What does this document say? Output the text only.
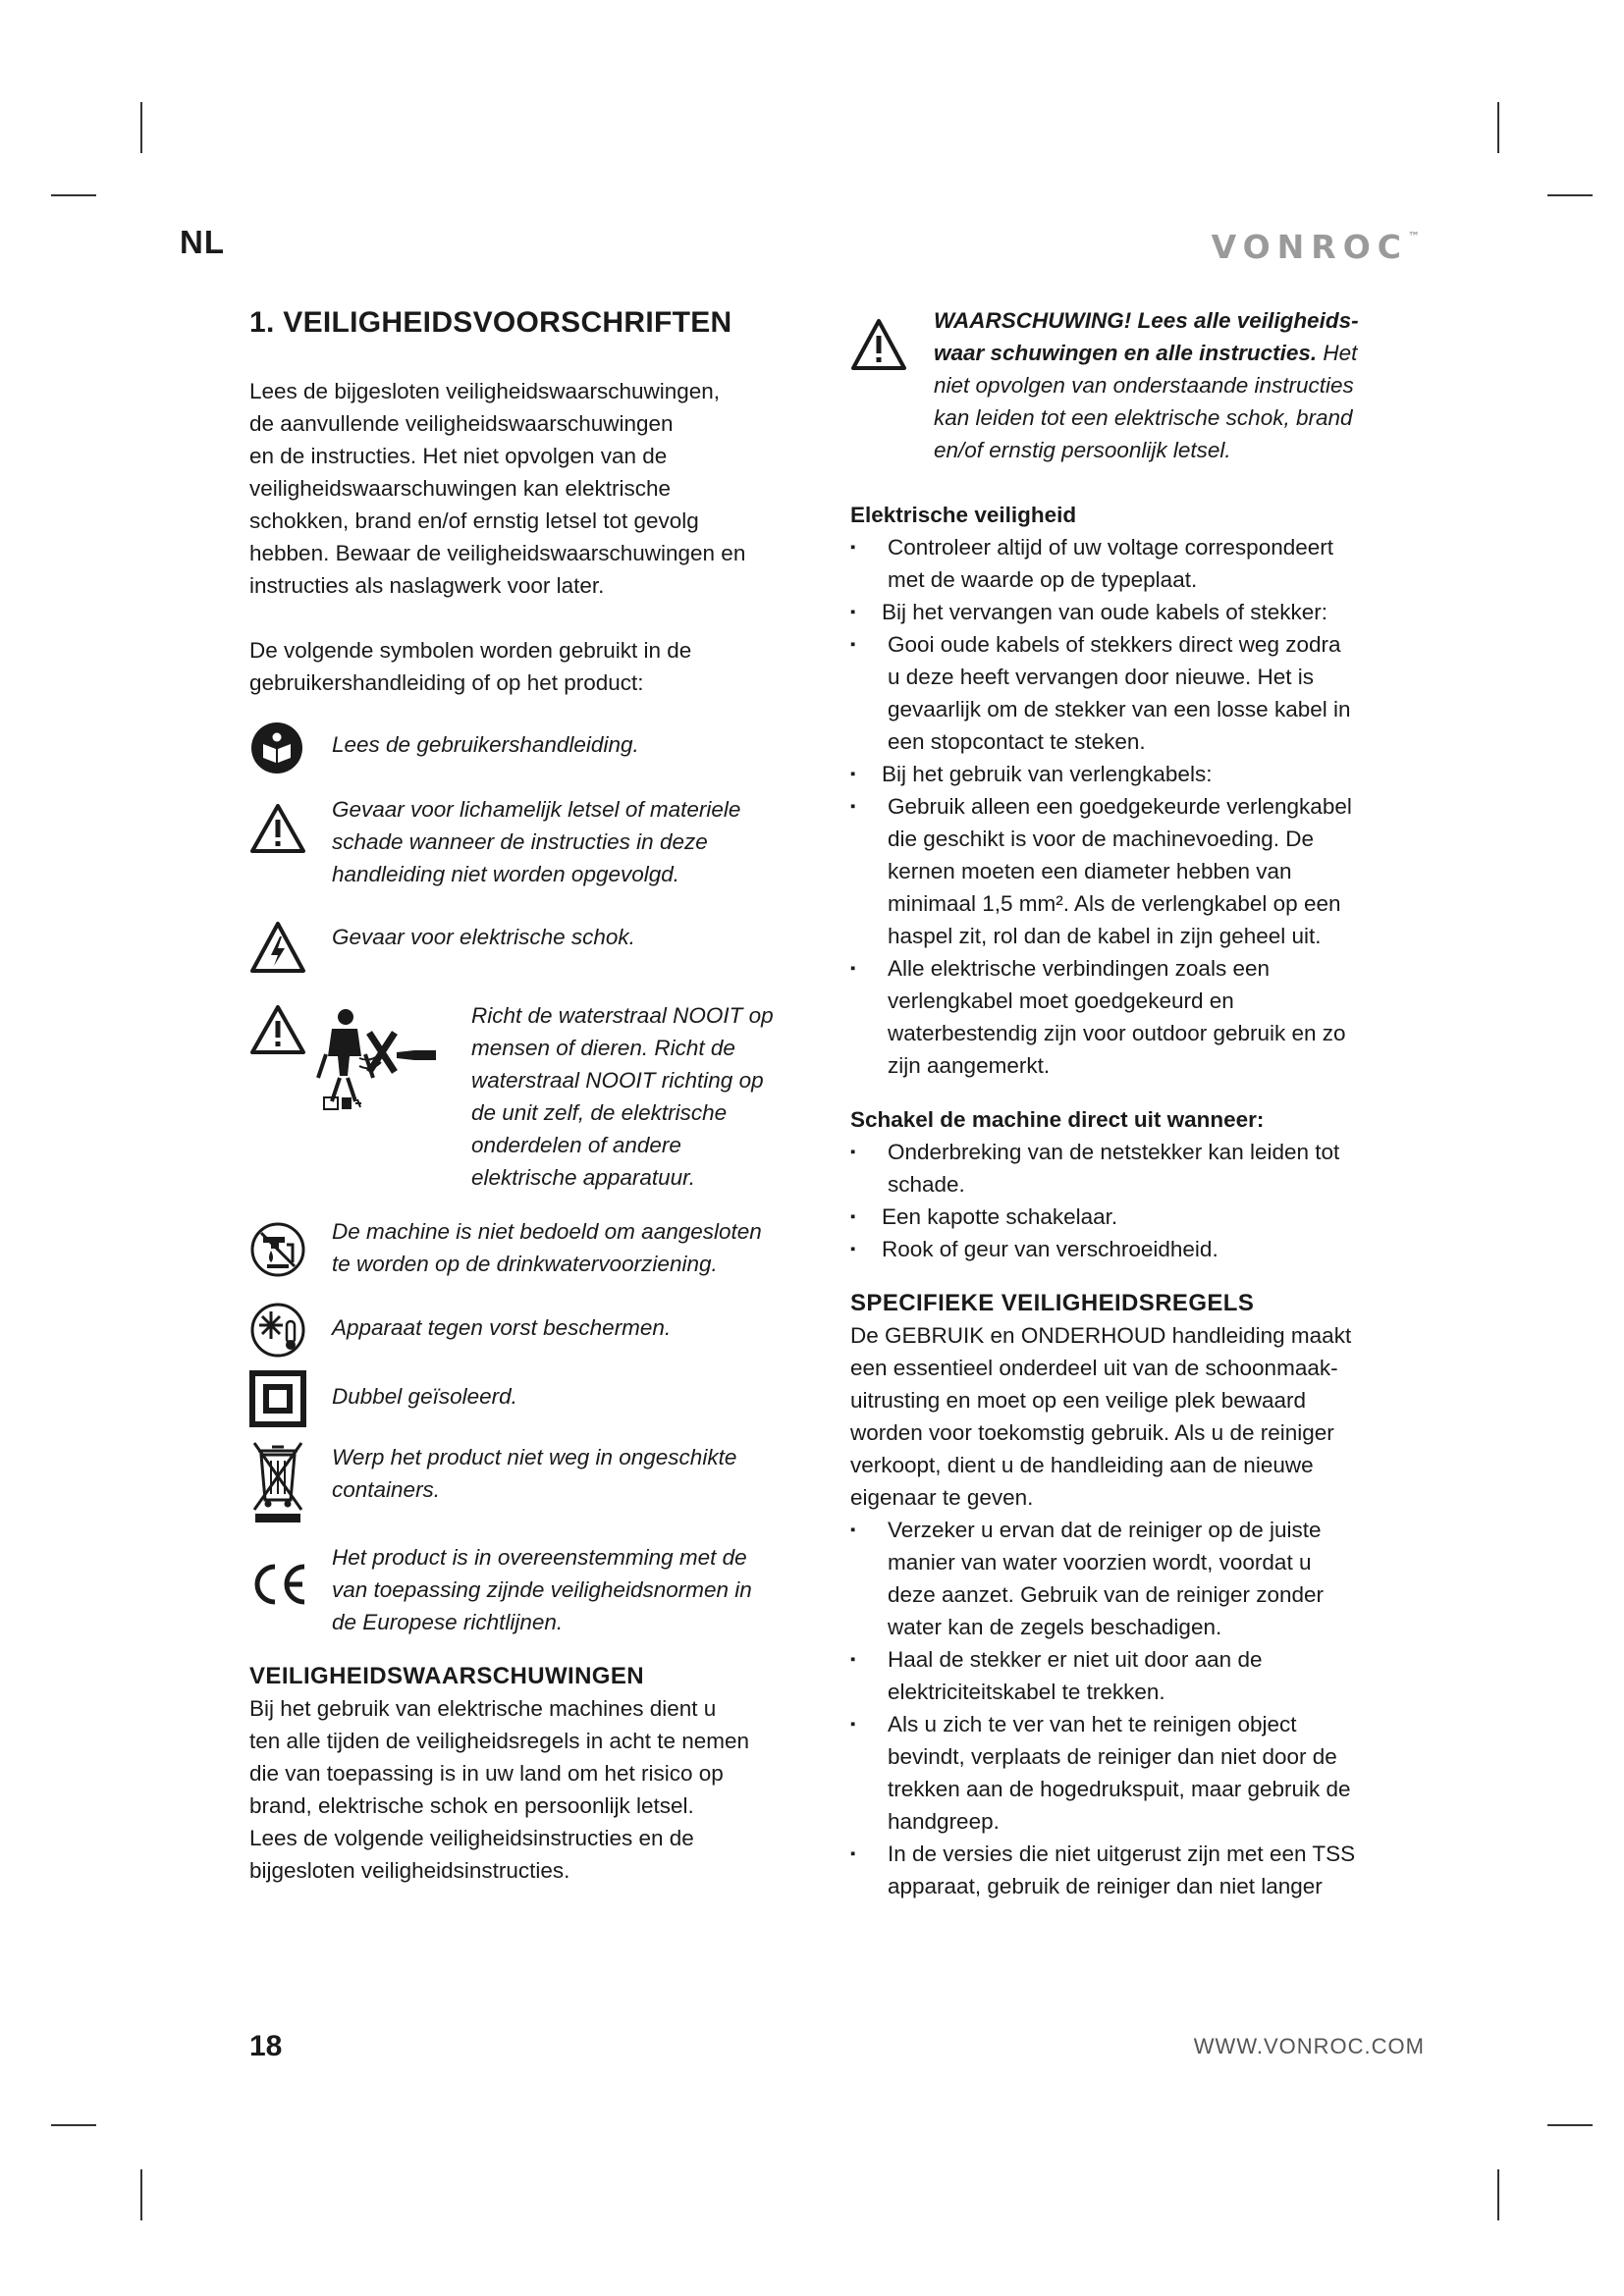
NL	VONROC™
1. VEILIGHEIDSVOORSCHRIFTEN

Lees de bijgesloten veiligheidswaarschuwingen,
de aanvullende veiligheidswaarschuwingen
en de instructies. Het niet opvolgen van de
veiligheidswaarschuwingen kan elektrische
schokken, brand en/of ernstig letsel tot gevolg
hebben. Bewaar de veiligheidswaarschuwingen en
instructies als naslagwerk voor later.

De volgende symbolen worden gebruikt in de
gebruikershandleiding of op het product:

Lees de gebruikershandleiding.
Gevaar voor lichamelijk letsel of materiele
schade wanneer de instructies in deze
handleiding niet worden opgevolgd.
Gevaar voor elektrische schok.
Richt de waterstraal NOOIT op
mensen of dieren. Richt de
waterstraal NOOIT richting op
de unit zelf, de elektrische
onderdelen of andere
elektrische apparatuur.
De machine is niet bedoeld om aangesloten
te worden op de drinkwatervoorziening.
Apparaat tegen vorst beschermen.
Dubbel geïsoleerd.
Werp het product niet weg in ongeschikte
containers.
Het product is in overeenstemming met de
van toepassing zijnde veiligheidsnormen in
de Europese richtlijnen.
VEILIGHEIDSWAARSCHUWINGEN

Bij het gebruik van elektrische machines dient u
ten alle tijden de veiligheidsregels in acht te nemen
die van toepassing is in uw land om het risico op
brand, elektrische schok en persoonlijk letsel.
Lees de volgende veiligheidsinstructies en de
bijgesloten veiligheidsinstructies.

WAARSCHUWING! Lees alle veiligheids-
waar schuwingen en alle instructies. Het
niet opvolgen van onderstaande instructies
kan leiden tot een elektrische schok, brand
en/of ernstig persoonlijk letsel.
Elektrische veiligheid
▪ Controleer altijd of uw voltage correspondeert
met de waarde op de typeplaat.
▪ Bij het vervangen van oude kabels of stekker:
▪ Gooi oude kabels of stekkers direct weg zodra
u deze heeft vervangen door nieuwe. Het is
gevaarlijk om de stekker van een losse kabel in
een stopcontact te steken.
▪ Bij het gebruik van verlengkabels:
▪ Gebruik alleen een goedgekeurde verlengkabel
die geschikt is voor de machinevoeding. De
kernen moeten een diameter hebben van
minimaal 1,5 mm². Als de verlengkabel op een
haspel zit, rol dan de kabel in zijn geheel uit.
▪ Alle elektrische verbindingen zoals een
verlengkabel moet goedgekeurd en
waterbestendig zijn voor outdoor gebruik en zo
zijn aangemerkt.
Schakel de machine direct uit wanneer:
▪ Onderbreking van de netstekker kan leiden tot
schade.
▪ Een kapotte schakelaar.
▪ Rook of geur van verschroeidheid.
SPECIFIEKE VEILIGHEIDSREGELS

De GEBRUIK en ONDERHOUD handleiding maakt
een essentieel onderdeel uit van de schoonmaak-
uitrusting en moet op een veilige plek bewaard
worden voor toekomstig gebruik. Als u de reiniger
verkoopt, dient u de handleiding aan de nieuwe
eigenaar te geven.

▪ Verzeker u ervan dat de reiniger op de juiste
manier van water voorzien wordt, voordat u
deze aanzet. Gebruik van de reiniger zonder
water kan de zegels beschadigen.
▪ Haal de stekker er niet uit door aan de
elektriciteitskabel te trekken.
▪ Als u zich te ver van het te reinigen object
bevindt, verplaats de reiniger dan niet door de
trekken aan de hogedrukspuit, maar gebruik de
handgreep.
▪ In de versies die niet uitgerust zijn met een TSS
apparaat, gebruik de reiniger dan niet langer
18	WWW.VONROC.COM
